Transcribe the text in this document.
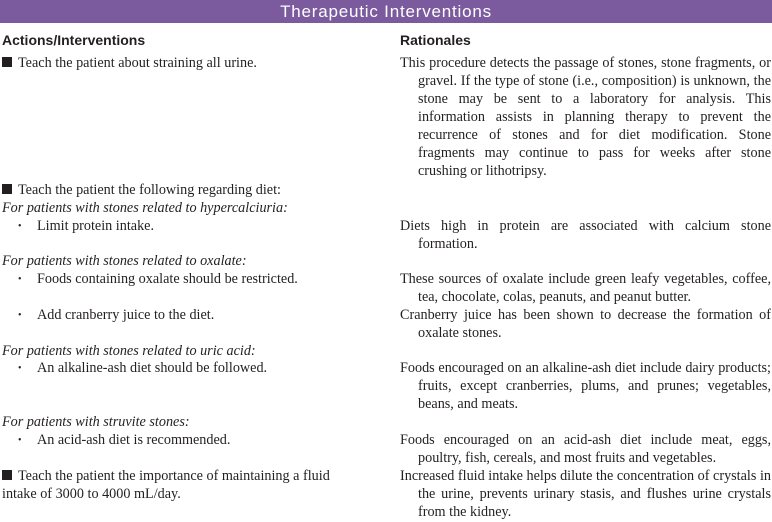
Therapeutic Interventions
Actions/Interventions	Rationales
Teach the patient about straining all urine.
Teach the patient the following regarding diet:
For patients with stones related to hypercalciuria:
• Limit protein intake.
For patients with stones related to oxalate:
• Foods containing oxalate should be restricted.
• Add cranberry juice to the diet.
For patients with stones related to uric acid:
• An alkaline-ash diet should be followed.
For patients with struvite stones:
• An acid-ash diet is recommended.
Teach the patient the importance of maintaining a fluid
intake of 3000 to 4000 mL/day.
This procedure detects the passage of stones, stone fragments, or gravel. If the type of stone (i.e., composition) is unknown, the stone may be sent to a laboratory for analysis. This information assists in planning therapy to prevent the recurrence of stones and for diet modification. Stone fragments may continue to pass for weeks after stone crushing or lithotripsy.
Diets high in protein are associated with calcium stone formation.
These sources of oxalate include green leafy vegetables, coffee, tea, chocolate, colas, peanuts, and peanut butter.
Cranberry juice has been shown to decrease the formation of oxalate stones.
Foods encouraged on an alkaline-ash diet include dairy products; fruits, except cranberries, plums, and prunes; vegetables, beans, and meats.
Foods encouraged on an acid-ash diet include meat, eggs, poultry, fish, cereals, and most fruits and vegetables.
Increased fluid intake helps dilute the concentration of crystals in the urine, prevents urinary stasis, and flushes urine crystals from the kidney.
